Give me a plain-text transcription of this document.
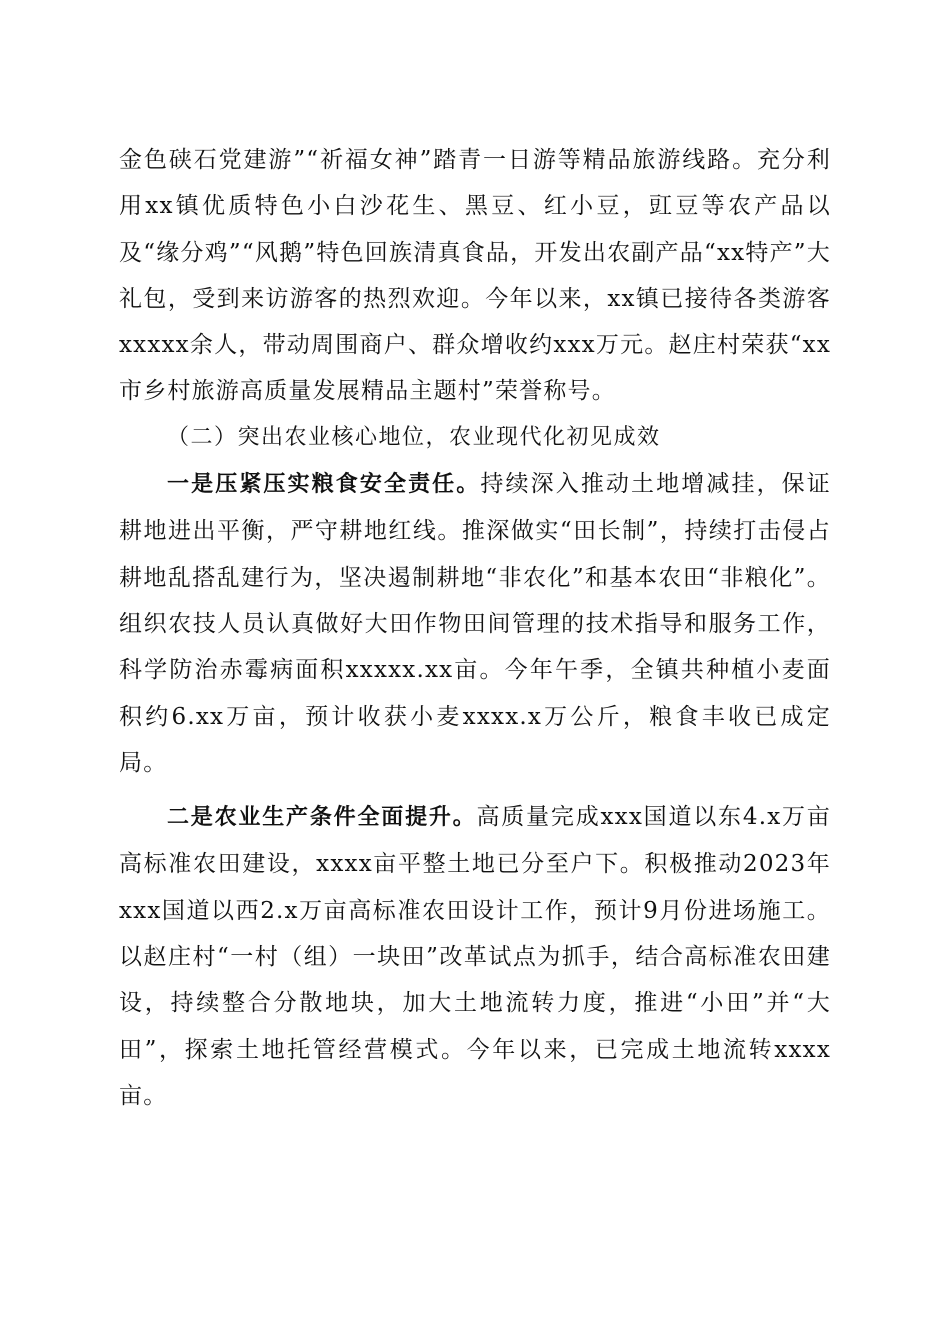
金色硖石党建游”“祈福女神”踏青一日游等精品旅游线路。充分利用xx镇优质特色小白沙花生、黑豆、红小豆，豇豆等农产品以及“缘分鸡”“风鹅”特色回族清真食品，开发出农副产品“xx特产”大礼包，受到来访游客的热烈欢迎。今年以来，xx镇已接待各类游客xxxxx余人，带动周围商户、群众增收约xxx万元。赵庄村荣获“xx市乡村旅游高质量发展精品主题村”荣誉称号。

（二）突出农业核心地位，农业现代化初见成效

一是压紧压实粮食安全责任。持续深入推动土地增减挂，保证耕地进出平衡，严守耕地红线。推深做实“田长制”，持续打击侵占耕地乱搭乱建行为，坚决遏制耕地“非农化”和基本农田“非粮化”。组织农技人员认真做好大田作物田间管理的技术指导和服务工作，科学防治赤霉病面积xxxxx.xx亩。今年午季，全镇共种植小麦面积约6.xx万亩，预计收获小麦xxxx.x万公斤，粮食丰收已成定局。

二是农业生产条件全面提升。高质量完成xxx国道以东4.x万亩高标准农田建设，xxxx亩平整土地已分至户下。积极推动2023年xxx国道以西2.x万亩高标准农田设计工作，预计9月份进场施工。以赵庄村“一村（组）一块田”改革试点为抓手，结合高标准农田建设，持续整合分散地块，加大土地流转力度，推进“小田”并“大田”，探索土地托管经营模式。今年以来，已完成土地流转xxxx亩。
